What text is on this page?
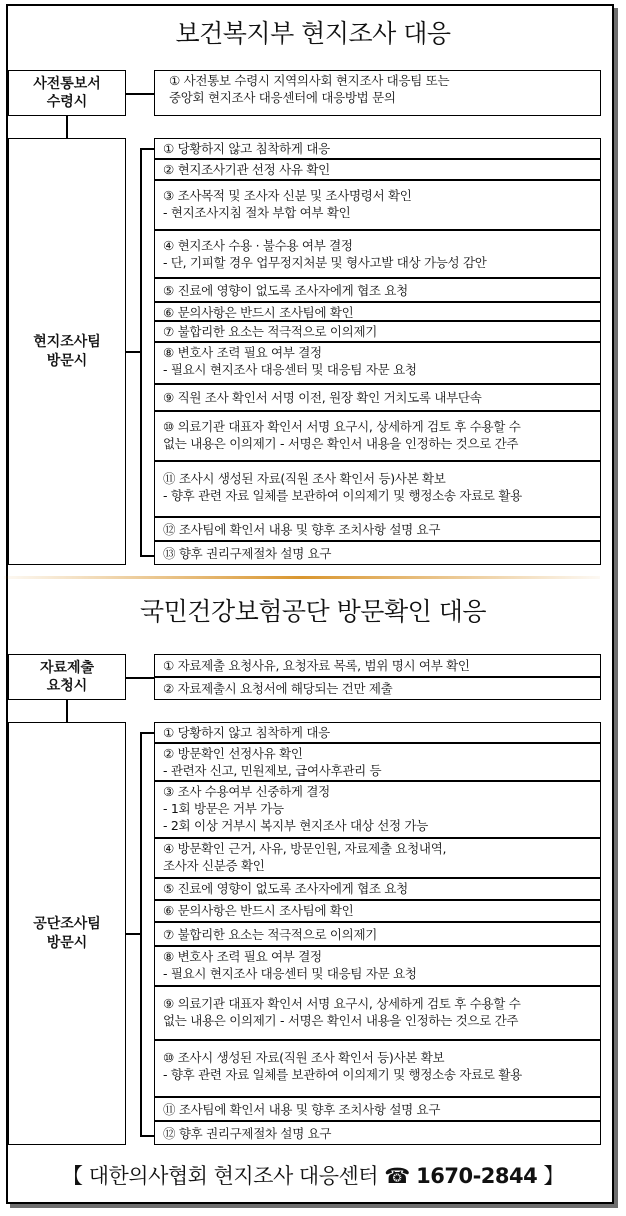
보건복지부 현지조사 대응
사전통보서
수령시
① 사전통보 수령시 지역의사회 현지조사 대응팀 또는
중앙회 현지조사 대응센터에 대응방법 문의
현지조사팀
방문시
① 당황하지 않고 침착하게 대응
② 현지조사기관 선정 사유 확인
③ 조사목적 및 조사자 신분 및 조사명령서 확인
- 현지조사지침 절차 부합 여부 확인
④ 현지조사 수용 · 불수용 여부 결정
- 단, 기피할 경우 업무정지처분 및 형사고발 대상 가능성 감안
⑤ 진료에 영향이 없도록 조사자에게 협조 요청
⑥ 문의사항은 반드시 조사팀에 확인
⑦ 불합리한 요소는 적극적으로 이의제기
⑧ 변호사 조력 필요 여부 결정
- 필요시 현지조사 대응센터 및 대응팀 자문 요청
⑨ 직원 조사 확인서 서명 이전, 원장 확인 거치도록 내부단속
⑩ 의료기관 대표자 확인서 서명 요구시, 상세하게 검토 후 수용할 수
없는 내용은 이의제기 - 서명은 확인서 내용을 인정하는 것으로 간주
⑪ 조사시 생성된 자료(직원 조사 확인서 등)사본 확보
- 향후 관련 자료 일체를 보관하여 이의제기 및 행정소송 자료로 활용
⑫ 조사팀에 확인서 내용 및 향후 조치사항 설명 요구
⑬ 향후 권리구제절차 설명 요구
국민건강보험공단 방문확인 대응
자료제출
요청시
① 자료제출 요청사유, 요청자료 목록, 범위 명시 여부 확인
② 자료제출시 요청서에 해당되는 건만 제출
공단조사팀
방문시
① 당황하지 않고 침착하게 대응
② 방문확인 선정사유 확인
- 관련자 신고, 민원제보, 급여사후관리 등
③ 조사 수용여부 신중하게 결정
- 1회 방문은 거부 가능
- 2회 이상 거부시 복지부 현지조사 대상 선정 가능
④ 방문확인 근거, 사유, 방문인원, 자료제출 요청내역,
조사자 신분증 확인
⑤ 진료에 영향이 없도록 조사자에게 협조 요청
⑥ 문의사항은 반드시 조사팀에 확인
⑦ 불합리한 요소는 적극적으로 이의제기
⑧ 변호사 조력 필요 여부 결정
- 필요시 현지조사 대응센터 및 대응팀 자문 요청
⑨ 의료기관 대표자 확인서 서명 요구시, 상세하게 검토 후 수용할 수
없는 내용은 이의제기 - 서명은 확인서 내용을 인정하는 것으로 간주
⑩ 조사시 생성된 자료(직원 조사 확인서 등)사본 확보
- 향후 관련 자료 일체를 보관하여 이의제기 및 행정소송 자료로 활용
⑪ 조사팀에 확인서 내용 및 향후 조치사항 설명 요구
⑫ 향후 권리구제절차 설명 요구
【 대한의사협회 현지조사 대응센터 ☎ 1670-2844 】
